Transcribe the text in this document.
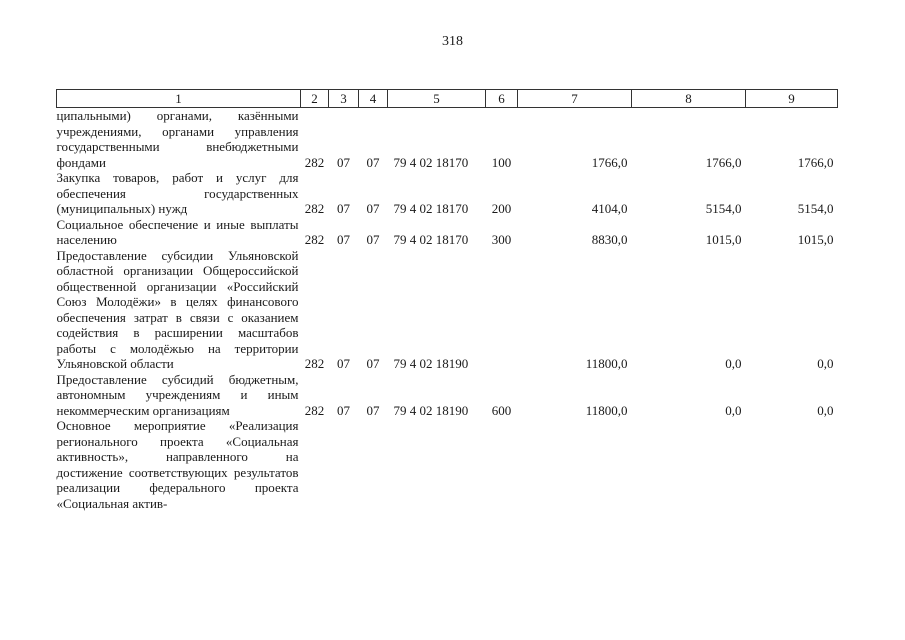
318
1	2	3	4	5	6	7	8	9
ципальными) органами, казёнными учреждениями, органами управления государственными внебюджетными фондами	282	07	07	79 4 02 18170	100	1766,0	1766,0	1766,0
Закупка товаров, работ и услуг для обеспечения государственных (муниципальных) нужд	282	07	07	79 4 02 18170	200	4104,0	5154,0	5154,0
Социальное обеспечение и иные выплаты населению	282	07	07	79 4 02 18170	300	8830,0	1015,0	1015,0
Предоставление субсидии Ульяновской областной организации Общероссийской общественной организации «Российский Союз Молодёжи» в целях финансового обеспечения затрат в связи с оказанием содействия в расширении масштабов работы с молодёжью на территории Ульяновской области	282	07	07	79 4 02 18190		11800,0	0,0	0,0
Предоставление субсидий бюджетным, автономным учреждениям и иным некоммерческим организациям	282	07	07	79 4 02 18190	600	11800,0	0,0	0,0
Основное мероприятие «Реализация регионального проекта «Социальная активность», направленного на достижение соответствующих результатов реализации федерального проекта «Социальная актив-								
